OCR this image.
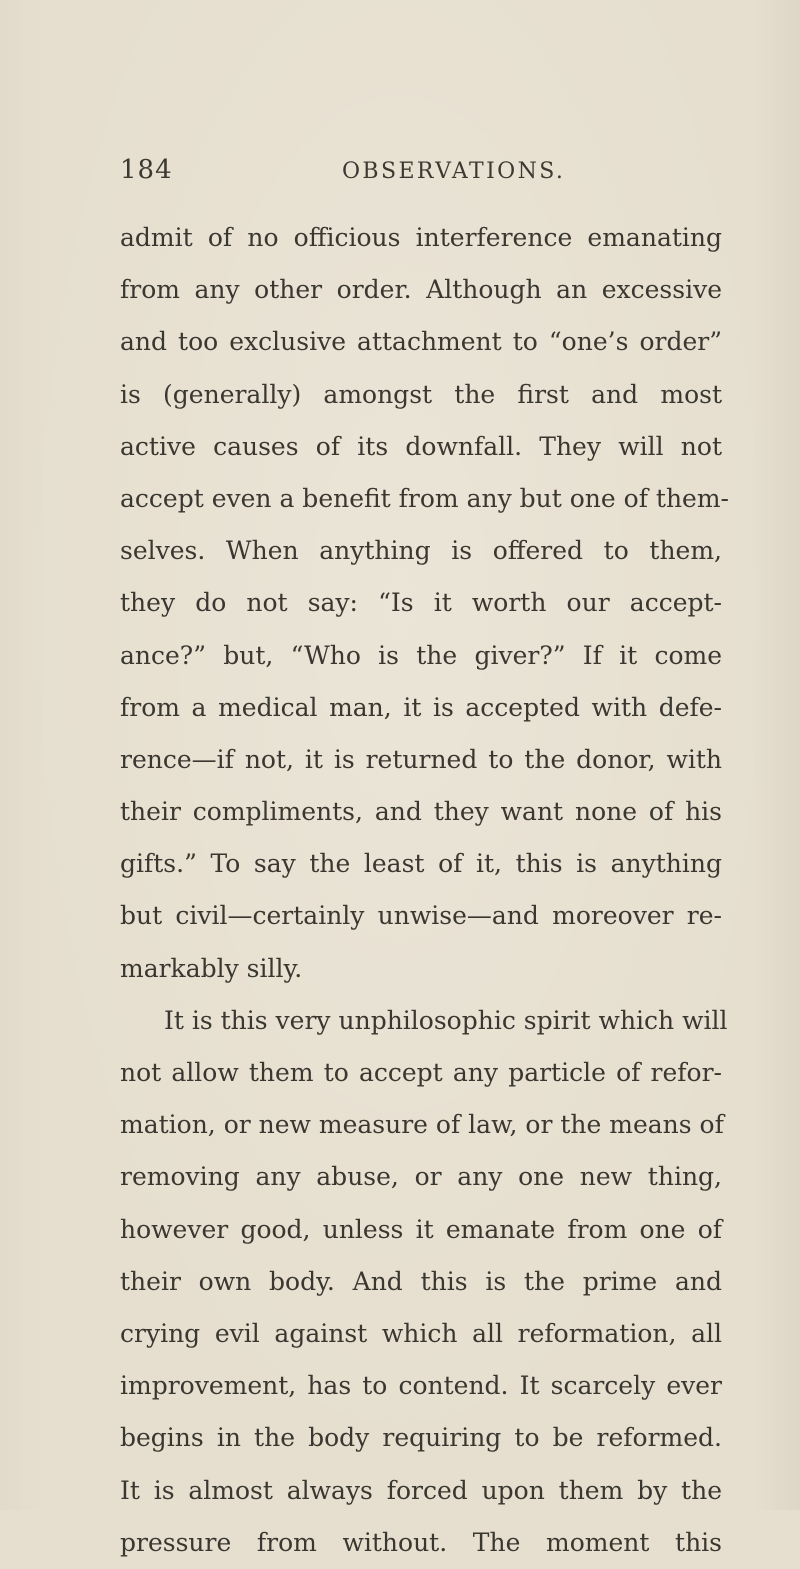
184	OBSERVATIONS.
admit of no officious interference emanating
from any other order. Although an excessive
and too exclusive attachment to “one’s order”
is (generally) amongst the first and most
active causes of its downfall. They will not
accept even a benefit from any but one of them-
selves. When anything is offered to them,
they do not say: “Is it worth our accept-
ance?” but, “Who is the giver?” If it come
from a medical man, it is accepted with defe-
rence—if not, it is returned to the donor, with
their compliments, and they want none of his
gifts.” To say the least of it, this is anything
but civil—certainly unwise—and moreover re-
markably silly.
It is this very unphilosophic spirit which will
not allow them to accept any particle of refor-
mation, or new measure of law, or the means of
removing any abuse, or any one new thing,
however good, unless it emanate from one of
their own body. And this is the prime and
crying evil against which all reformation, all
improvement, has to contend. It scarcely ever
begins in the body requiring to be reformed.
It is almost always forced upon them by the
pressure from without. The moment this
